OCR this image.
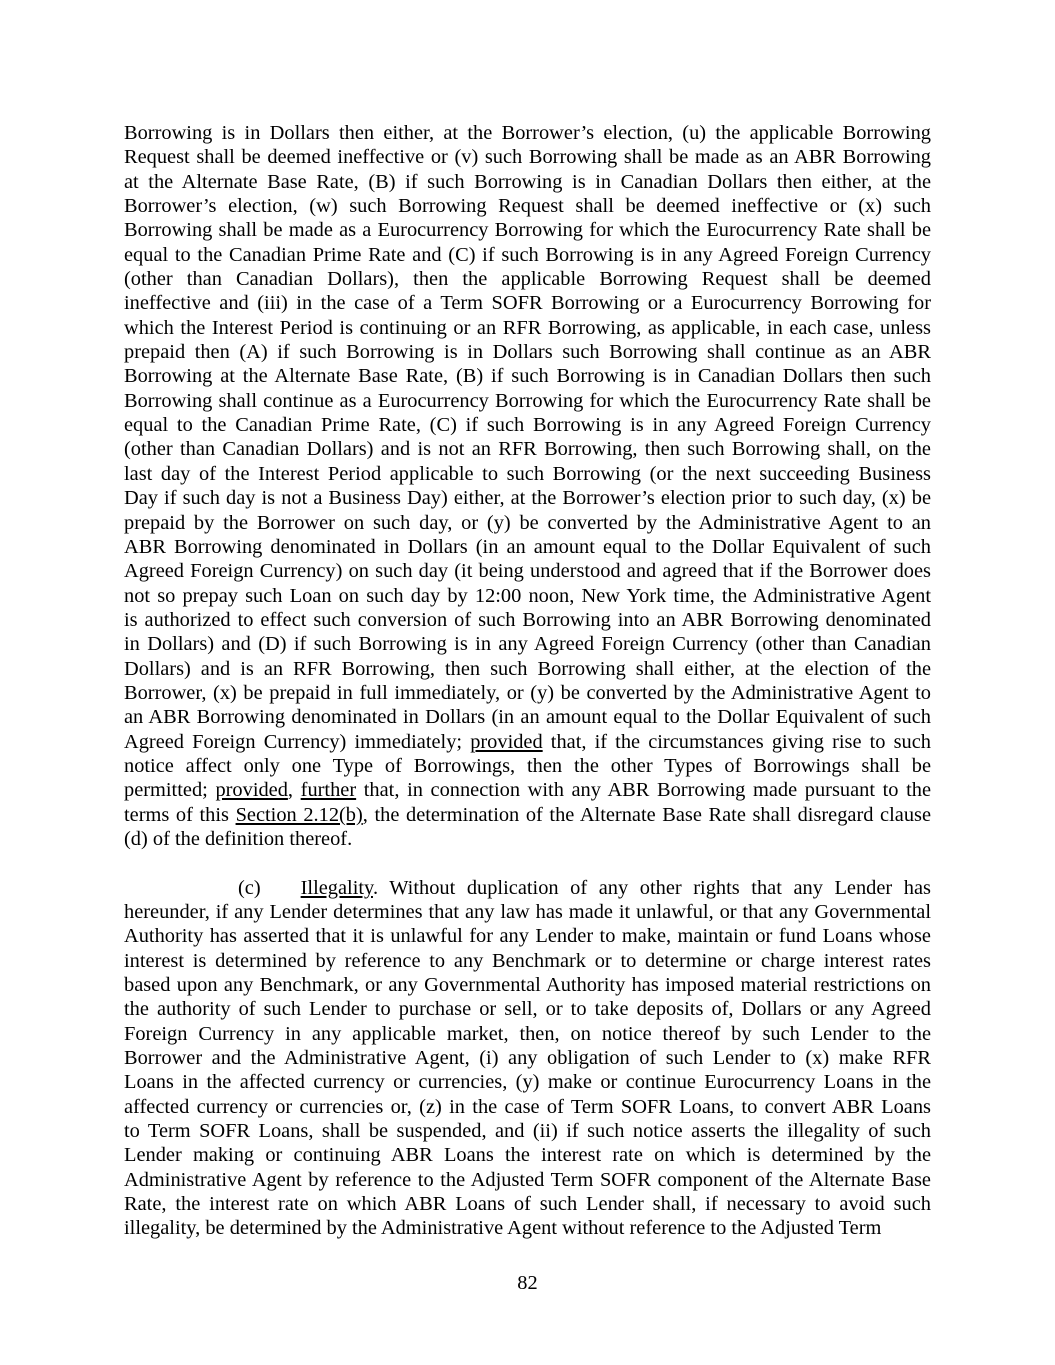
Borrowing is in Dollars then either, at the Borrower’s election, (u) the applicable Borrowing
Request shall be deemed ineffective or (v) such Borrowing shall be made as an ABR Borrowing
at the Alternate Base Rate, (B) if such Borrowing is in Canadian Dollars then either, at the
Borrower’s election, (w) such Borrowing Request shall be deemed ineffective or (x) such
Borrowing shall be made as a Eurocurrency Borrowing for which the Eurocurrency Rate shall be
equal to the Canadian Prime Rate and (C) if such Borrowing is in any Agreed Foreign Currency
(other than Canadian Dollars), then the applicable Borrowing Request shall be deemed
ineffective and (iii) in the case of a Term SOFR Borrowing or a Eurocurrency Borrowing for
which the Interest Period is continuing or an RFR Borrowing, as applicable, in each case, unless
prepaid then (A) if such Borrowing is in Dollars such Borrowing shall continue as an ABR
Borrowing at the Alternate Base Rate, (B) if such Borrowing is in Canadian Dollars then such
Borrowing shall continue as a Eurocurrency Borrowing for which the Eurocurrency Rate shall be
equal to the Canadian Prime Rate, (C) if such Borrowing is in any Agreed Foreign Currency
(other than Canadian Dollars) and is not an RFR Borrowing, then such Borrowing shall, on the
last day of the Interest Period applicable to such Borrowing (or the next succeeding Business
Day if such day is not a Business Day) either, at the Borrower’s election prior to such day, (x) be
prepaid by the Borrower on such day, or (y) be converted by the Administrative Agent to an
ABR Borrowing denominated in Dollars (in an amount equal to the Dollar Equivalent of such
Agreed Foreign Currency) on such day (it being understood and agreed that if the Borrower does
not so prepay such Loan on such day by 12:00 noon, New York time, the Administrative Agent
is authorized to effect such conversion of such Borrowing into an ABR Borrowing denominated
in Dollars) and (D) if such Borrowing is in any Agreed Foreign Currency (other than Canadian
Dollars) and is an RFR Borrowing, then such Borrowing shall either, at the election of the
Borrower, (x) be prepaid in full immediately, or (y) be converted by the Administrative Agent to
an ABR Borrowing denominated in Dollars (in an amount equal to the Dollar Equivalent of such
Agreed Foreign Currency) immediately; provided that, if the circumstances giving rise to such
notice affect only one Type of Borrowings, then the other Types of Borrowings shall be
permitted; provided, further that, in connection with any ABR Borrowing made pursuant to the
terms of this Section 2.12(b), the determination of the Alternate Base Rate shall disregard clause
(d) of the definition thereof.
(c) Illegality. Without duplication of any other rights that any Lender has
hereunder, if any Lender determines that any law has made it unlawful, or that any Governmental
Authority has asserted that it is unlawful for any Lender to make, maintain or fund Loans whose
interest is determined by reference to any Benchmark or to determine or charge interest rates
based upon any Benchmark, or any Governmental Authority has imposed material restrictions on
the authority of such Lender to purchase or sell, or to take deposits of, Dollars or any Agreed
Foreign Currency in any applicable market, then, on notice thereof by such Lender to the
Borrower and the Administrative Agent, (i) any obligation of such Lender to (x) make RFR
Loans in the affected currency or currencies, (y) make or continue Eurocurrency Loans in the
affected currency or currencies or, (z) in the case of Term SOFR Loans, to convert ABR Loans
to Term SOFR Loans, shall be suspended, and (ii) if such notice asserts the illegality of such
Lender making or continuing ABR Loans the interest rate on which is determined by the
Administrative Agent by reference to the Adjusted Term SOFR component of the Alternate Base
Rate, the interest rate on which ABR Loans of such Lender shall, if necessary to avoid such
illegality, be determined by the Administrative Agent without reference to the Adjusted Term
82
